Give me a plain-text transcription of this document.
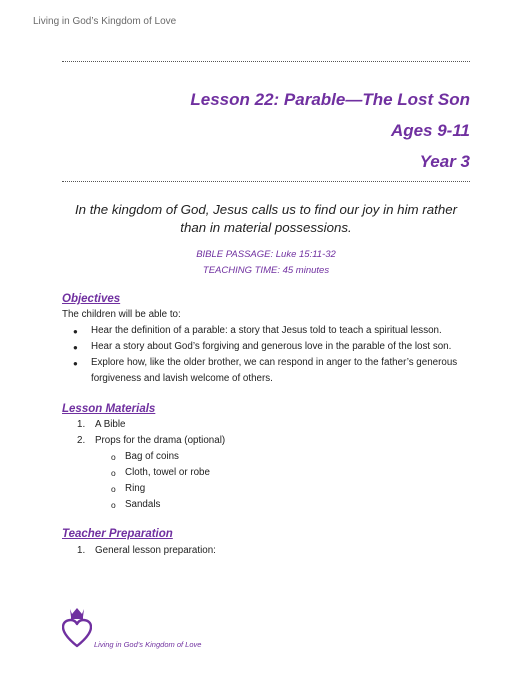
Living in God’s Kingdom of Love
Lesson 22: Parable—The Lost Son
Ages 9-11
Year 3
In the kingdom of God, Jesus calls us to find our joy in him rather than in material possessions.
BIBLE PASSAGE: Luke 15:11-32
TEACHING TIME: 45 minutes
Objectives
The children will be able to:
● Hear the definition of a parable: a story that Jesus told to teach a spiritual lesson.
● Hear a story about God’s forgiving and generous love in the parable of the lost son.
● Explore how, like the older brother, we can respond in anger to the father’s generous
forgiveness and lavish welcome of others.
Lesson Materials
1. A Bible
2. Props for the drama (optional)
o Bag of coins
o Cloth, towel or robe
o Ring
o Sandals
Teacher Preparation
1. General lesson preparation:
Living in God’s Kingdom of Love
